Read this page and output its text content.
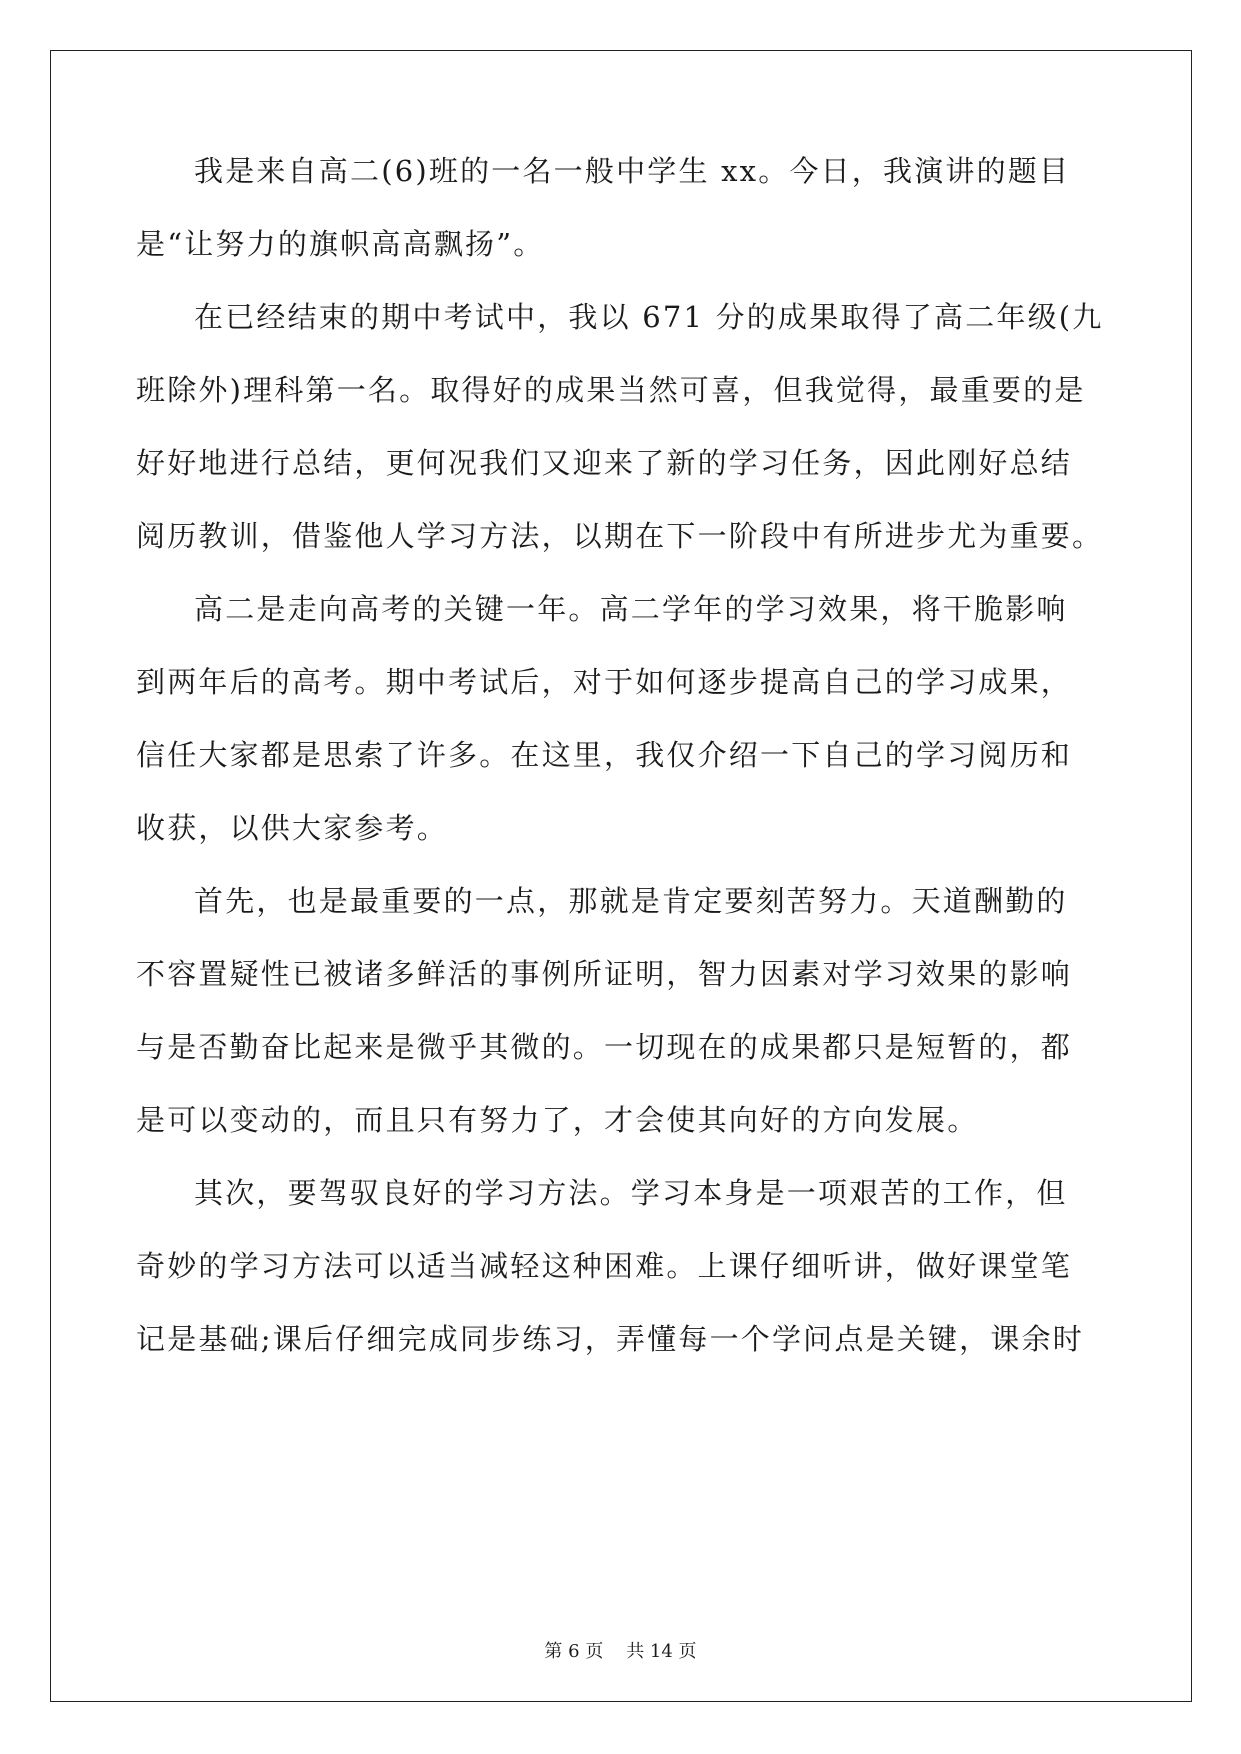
我是来自高二(6)班的一名一般中学生 xx。今日，我演讲的题目
是“让努力的旗帜高高飘扬”。
在已经结束的期中考试中，我以 671 分的成果取得了高二年级(九
班除外)理科第一名。取得好的成果当然可喜，但我觉得，最重要的是
好好地进行总结，更何况我们又迎来了新的学习任务，因此刚好总结
阅历教训，借鉴他人学习方法，以期在下一阶段中有所进步尤为重要。
高二是走向高考的关键一年。高二学年的学习效果，将干脆影响
到两年后的高考。期中考试后，对于如何逐步提高自己的学习成果，
信任大家都是思索了许多。在这里，我仅介绍一下自己的学习阅历和
收获，以供大家参考。
首先，也是最重要的一点，那就是肯定要刻苦努力。天道酬勤的
不容置疑性已被诸多鲜活的事例所证明，智力因素对学习效果的影响
与是否勤奋比起来是微乎其微的。一切现在的成果都只是短暂的，都
是可以变动的，而且只有努力了，才会使其向好的方向发展。
其次，要驾驭良好的学习方法。学习本身是一项艰苦的工作，但
奇妙的学习方法可以适当减轻这种困难。上课仔细听讲，做好课堂笔
记是基础;课后仔细完成同步练习，弄懂每一个学问点是关键，课余时
第 6 页    共 14 页
